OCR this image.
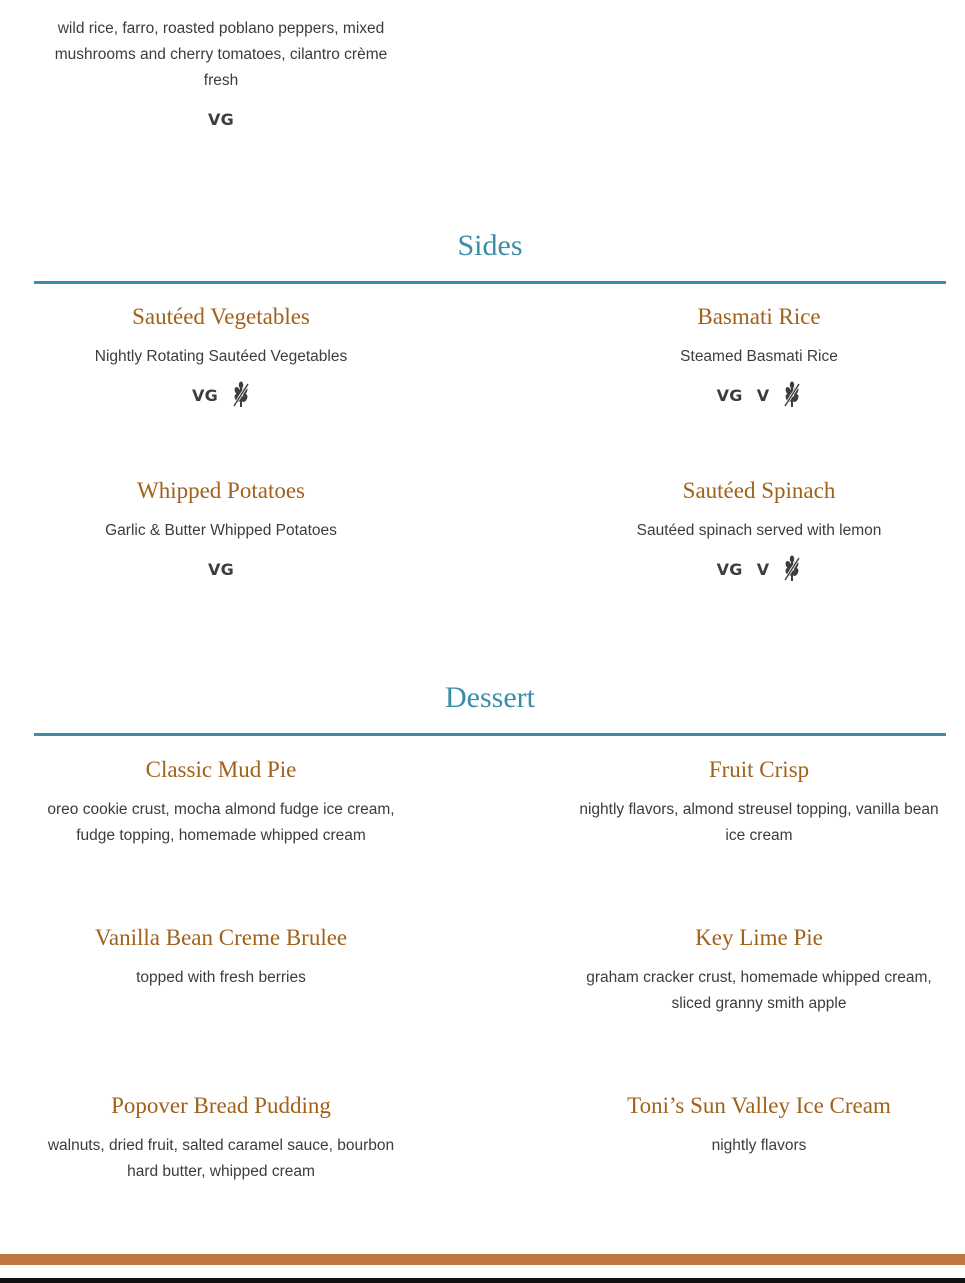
wild rice, farro, roasted poblano peppers, mixed mushrooms and cherry tomatoes, cilantro crème fresh

VG
Sides
Sautéed Vegetables

Nightly Rotating Sautéed Vegetables

VG
Basmati Rice

Steamed Basmati Rice

VG V
Whipped Potatoes

Garlic & Butter Whipped Potatoes

VG
Sautéed Spinach

Sautéed spinach served with lemon

VG V
Dessert
Classic Mud Pie

oreo cookie crust, mocha almond fudge ice cream, fudge topping, homemade whipped cream

Fruit Crisp

nightly flavors, almond streusel topping, vanilla bean ice cream

Vanilla Bean Creme Brulee

topped with fresh berries

Key Lime Pie

graham cracker crust, homemade whipped cream, sliced granny smith apple

Popover Bread Pudding

walnuts, dried fruit, salted caramel sauce, bourbon hard butter, whipped cream

Toni’s Sun Valley Ice Cream

nightly flavors
